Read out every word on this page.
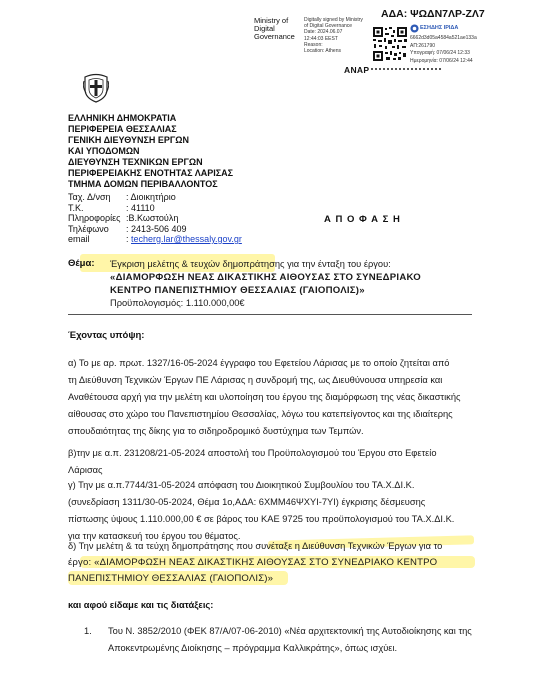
ΑΔΑ: ΨΩΔΝ7ΛΡ-ΖΛ7
Ministry of
Digital
Governance
Digitally signed by Ministry
of Digital Governance
Date: 2024.06.07
12:44:03 EEST
Reason:
Location: Athens
ΕΣΗΔΗΣ ΙΡΙΔΑ
6662d3d05a4584a521ae133a
ΑΠ:261790
Υπογραφή: 07/06/24 12:33
Ημερομηνία: 07/06/24 12:44
ΑΝΑΡ
ΕΛΛΗΝΙΚΗ ΔΗΜΟΚΡΑΤΙΑ
ΠΕΡΙΦΕΡΕΙΑ ΘΕΣΣΑΛΙΑΣ
ΓΕΝΙΚΗ ΔΙΕΥΘΥΝΣΗ ΕΡΓΩΝ
ΚΑΙ ΥΠΟΔΟΜΩΝ
ΔΙΕΥΘΥΝΣΗ ΤΕΧΝΙΚΩΝ ΕΡΓΩΝ
ΠΕΡΙΦΕΡΕΙΑΚΗΣ ΕΝΟΤΗΤΑΣ ΛΑΡΙΣΑΣ
ΤΜΗΜΑ ΔΟΜΩΝ ΠΕΡΙΒΑΛΛΟΝΤΟΣ
Ταχ. Δ/νση	: Διοικητήριο
Τ.Κ.	: 41110
Πληροφορίες	:Β.Κωστούλη
Τηλέφωνο	: 2413-506 409
email	: techerg.lar@thessaly.gov.gr
Α Π Ο Φ Α Σ Η
Θέμα: Έγκριση μελέτης & τευχών δημοπράτησης για την ένταξη του έργου:
«ΔΙΑΜΟΡΦΩΣΗ ΝΕΑΣ ΔΙΚΑΣΤΙΚΗΣ ΑΙΘΟΥΣΑΣ ΣΤΟ ΣΥΝΕΔΡΙΑΚΟ
ΚΕΝΤΡΟ ΠΑΝΕΠΙΣΤΗΜΙΟΥ ΘΕΣΣΑΛΙΑΣ (ΓΑΙΟΠΟΛΙΣ)»
Προϋπολογισμός: 1.110.000,00€
Έχοντας υπόψη:
α) Το με αρ. πρωτ. 1327/16-05-2024 έγγραφο του Εφετείου Λάρισας με το οποίο ζητείται από
τη Διεύθυνση Τεχνικών Έργων ΠΕ Λάρισας η συνδρομή της, ως Διευθύνουσα υπηρεσία και
Αναθέτουσα αρχή για την μελέτη και υλοποίηση του έργου της διαμόρφωση της νέας δικαστικής
αίθουσας στο χώρο του Πανεπιστημίου Θεσσαλίας, λόγω του κατεπείγοντος και της ιδιαίτερης
σπουδαιότητας της δίκης για το σιδηροδρομικό δυστύχημα των Τεμπών.
β)την με α.π. 231208/21-05-2024 αποστολή του Προϋπολογισμού του Έργου στο Εφετείο
Λάρισας
γ) Την με α.π.7744/31-05-2024 απόφαση του Διοικητικού Συμβουλίου του ΤΑ.Χ.ΔΙ.Κ.
(συνεδρίαση 1311/30-05-2024, Θέμα 1ο,ΑΔΑ: 6ΧΜΜ46ΨΧΥΙ-7ΥΙ) έγκρισης δέσμευσης
πίστωσης ύψους 1.110.000,00 € σε βάρος του ΚΑΕ 9725 του προϋπολογισμού του ΤΑ.Χ.ΔΙ.Κ.
για την κατασκευή του έργου του θέματος.
δ) Την μελέτη & τα τεύχη δημοπράτησης που συνέταξε η Διεύθυνση Τεχνικών Έργων για το
έργο: «ΔΙΑΜΟΡΦΩΣΗ ΝΕΑΣ ΔΙΚΑΣΤΙΚΗΣ ΑΙΘΟΥΣΑΣ ΣΤΟ ΣΥΝΕΔΡΙΑΚΟ ΚΕΝΤΡΟ
ΠΑΝΕΠΙΣΤΗΜΙΟΥ ΘΕΣΣΑΛΙΑΣ (ΓΑΙΟΠΟΛΙΣ)»
και αφού είδαμε και τις διατάξεις:
1. Του Ν. 3852/2010 (ΦΕΚ 87/Α/07-06-2010) «Νέα αρχιτεκτονική της Αυτοδιοίκησης και της
Αποκεντρωμένης Διοίκησης – πρόγραμμα Καλλικράτης», όπως ισχύει.
